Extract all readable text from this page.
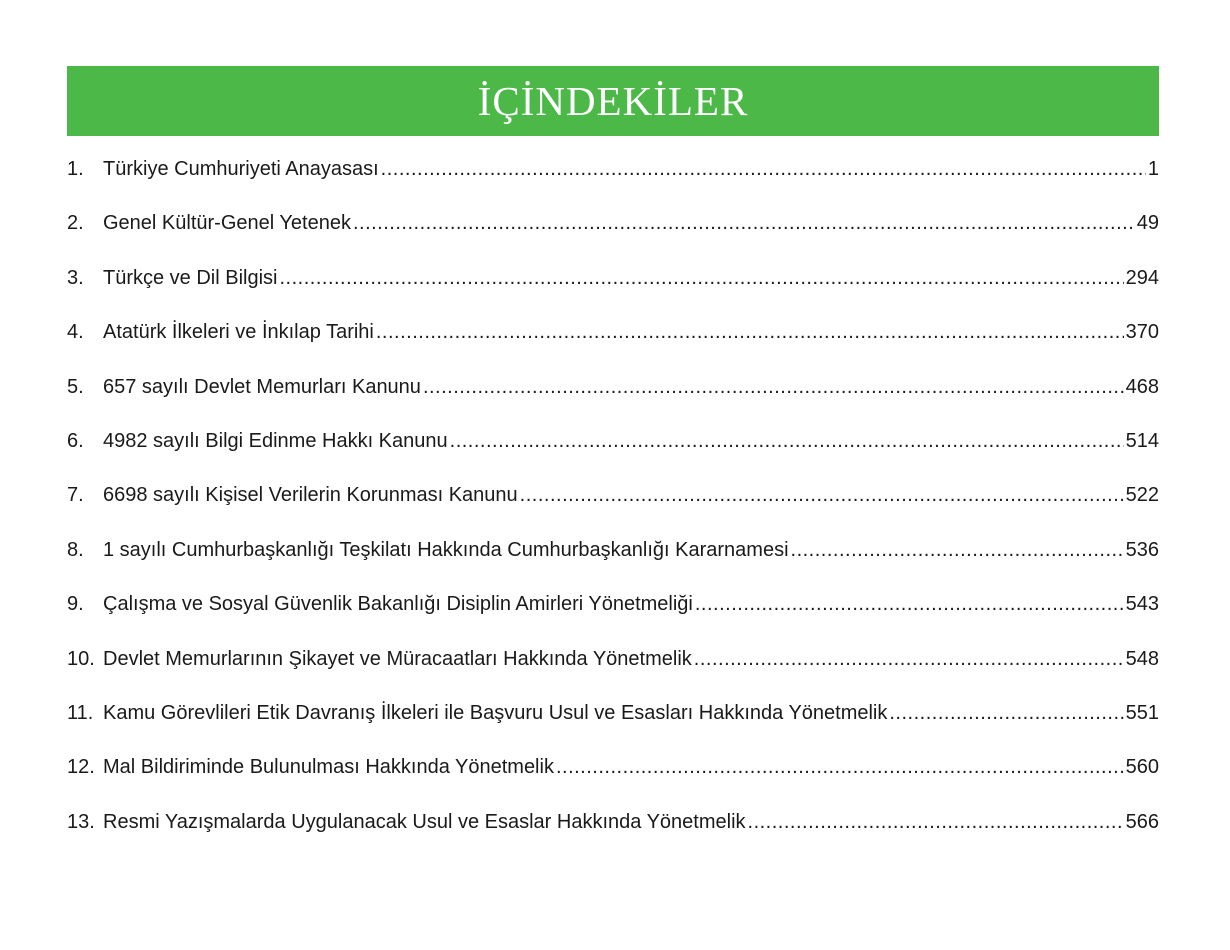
İÇİNDEKİLER
1. Türkiye Cumhuriyeti Anayasası .....	1
2. Genel Kültür-Genel Yetenek .....	49
3. Türkçe ve Dil Bilgisi .....	294
4. Atatürk İlkeleri ve İnkılap Tarihi .....	370
5. 657 sayılı Devlet Memurları Kanunu .....	468
6. 4982 sayılı Bilgi Edinme Hakkı Kanunu .....	514
7. 6698 sayılı Kişisel Verilerin Korunması Kanunu .....	522
8. 1 sayılı Cumhurbaşkanlığı Teşkilatı Hakkında Cumhurbaşkanlığı Kararnamesi .....	536
9. Çalışma ve Sosyal Güvenlik Bakanlığı Disiplin Amirleri Yönetmeliği .....	543
10. Devlet Memurlarının Şikayet ve Müracaatları Hakkında Yönetmelik .....	548
11. Kamu Görevlileri Etik Davranış İlkeleri ile Başvuru Usul ve Esasları Hakkında Yönetmelik .....	551
12. Mal Bildiriminde Bulunulması Hakkında Yönetmelik .....	560
13. Resmi Yazışmalarda Uygulanacak Usul ve Esaslar Hakkında Yönetmelik .....	566
